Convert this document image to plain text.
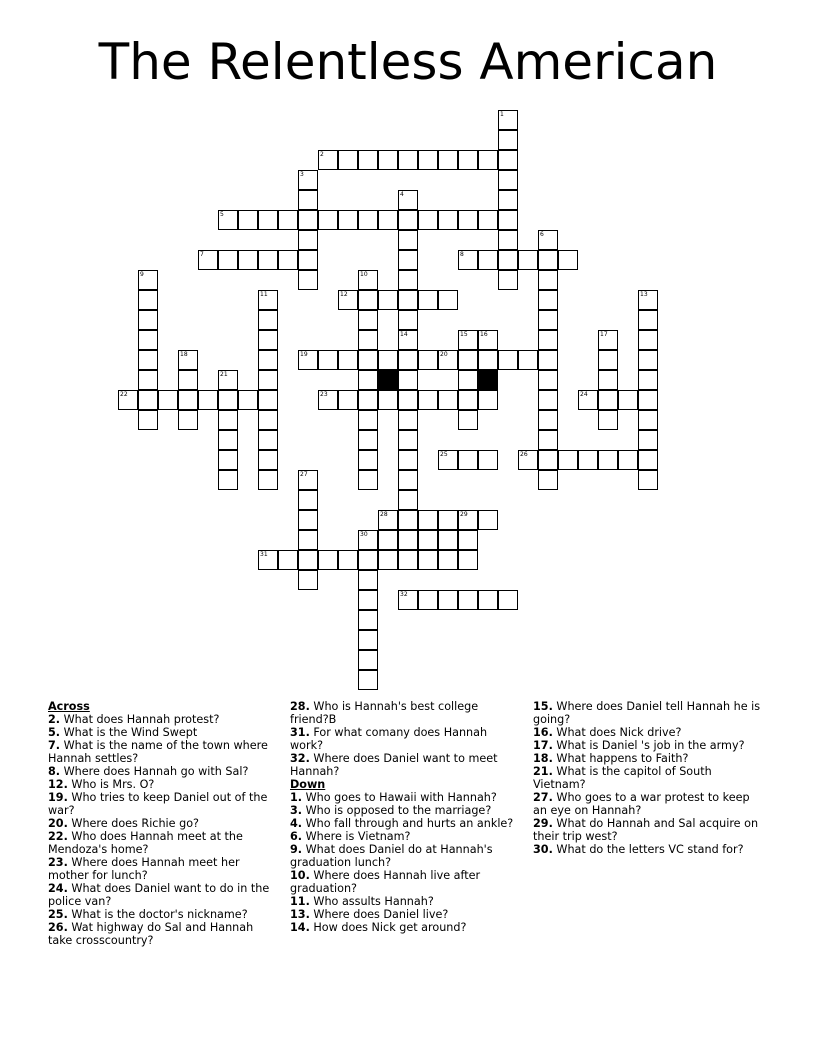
The Relentless American
2
5
7	8
12
19	20
22	23	24
25	26
28	29
30
31
32
1
3
4
14
6
9	10
11	13
15 16	17
18
21
27

Across

2. What does Hannah protest?

5. What is the Wind Swept

7. What is the name of the town where Hannah settles?

8. Where does Hannah go with Sal?

12. Who is Mrs. O?

19. Who tries to keep Daniel out of the war?

20. Where does Richie go?

22. Who does Hannah meet at the Mendoza's home?

23. Where does Hannah meet her mother for lunch?

24. What does Daniel want to do in the police van?

25. What is the doctor's nickname?

26. Wat highway do Sal and Hannah take crosscountry?

28. Who is Hannah's best college friend?B

31. For what comany does Hannah work?

32. Where does Daniel want to meet Hannah?

Down

1. Who goes to Hawaii with Hannah?

3. Who is opposed to the marriage?

4. Who fall through and hurts an ankle?

6. Where is Vietnam?

9. What does Daniel do at Hannah's graduation lunch?

10. Where does Hannah live after graduation?

11. Who assults Hannah?

13. Where does Daniel live?

14. How does Nick get around?

15. Where does Daniel tell Hannah he is going?

16. What does Nick drive?

17. What is Daniel 's job in the army?

18. What happens to Faith?

21. What is the capitol of South Vietnam?

27. Who goes to a war protest to keep an eye on Hannah?

29. What do Hannah and Sal acquire on their trip west?

30. What do the letters VC stand for?
